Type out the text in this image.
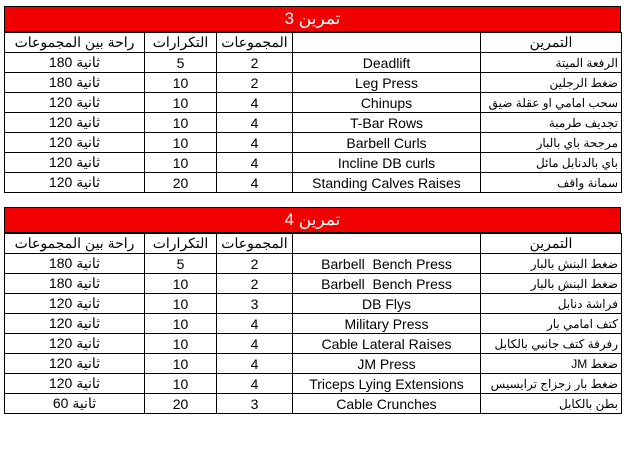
تمرين 3
راحة بين المجموعات	التكرارات	المجموعات		التمرين
180 ثانية	5	2	Deadlift	الرفعة الميتة
180 ثانية	10	2	Leg Press	ضغط الرجلين
120 ثانية	10	4	Chinups	سحب امامي او عقلة ضيق
120 ثانية	10	4	T-Bar Rows	تجديف طرمبة
120 ثانية	10	4	Barbell Curls	مرجحة باي بالبار
120 ثانية	10	4	Incline DB curls	باي بالدنابل مائل
120 ثانية	20	4	Standing Calves Raises	سمانة واقف
تمرين 4
راحة بين المجموعات	التكرارات	المجموعات		التمرين
180 ثانية	5	2	Barbell  Bench Press	ضغط البنش بالبار
180 ثانية	10	2	Barbell  Bench Press	ضغط البنش بالبار
120 ثانية	10	3	DB Flys	فراشة دنابل
120 ثانية	10	4	Military Press	كتف امامي بار
120 ثانية	10	4	Cable Lateral Raises	رفرفة كتف جانبي بالكابل
120 ثانية	10	4	JM Press	ضغط JM
120 ثانية	10	4	Triceps Lying Extensions	ضغط بار زجزاج ترايسيس
60 ثانية	20	3	Cable Crunches	بطن بالكابل
